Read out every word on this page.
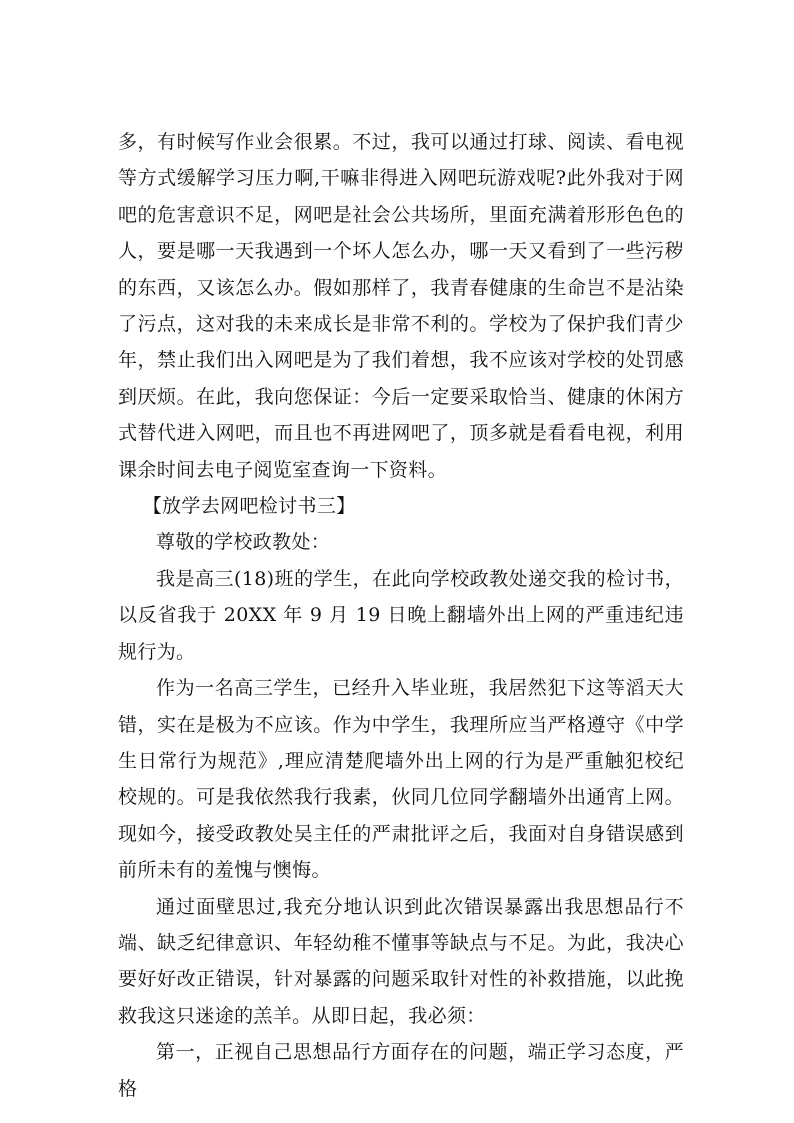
多，有时候写作业会很累。不过，我可以通过打球、阅读、看电视等方式缓解学习压力啊,干嘛非得进入网吧玩游戏呢?此外我对于网吧的危害意识不足，网吧是社会公共场所，里面充满着形形色色的人，要是哪一天我遇到一个坏人怎么办，哪一天又看到了一些污秽的东西，又该怎么办。假如那样了，我青春健康的生命岂不是沾染了污点，这对我的未来成长是非常不利的。学校为了保护我们青少年，禁止我们出入网吧是为了我们着想，我不应该对学校的处罚感到厌烦。在此，我向您保证：今后一定要采取恰当、健康的休闲方式替代进入网吧，而且也不再进网吧了，顶多就是看看电视，利用课余时间去电子阅览室查询一下资料。

【放学去网吧检讨书三】

尊敬的学校政教处：

我是高三(18)班的学生，在此向学校政教处递交我的检讨书，以反省我于 20XX 年 9 月 19 日晚上翻墙外出上网的严重违纪违规行为。

作为一名高三学生，已经升入毕业班，我居然犯下这等滔天大错，实在是极为不应该。作为中学生，我理所应当严格遵守《中学生日常行为规范》,理应清楚爬墙外出上网的行为是严重触犯校纪校规的。可是我依然我行我素，伙同几位同学翻墙外出通宵上网。现如今，接受政教处吴主任的严肃批评之后，我面对自身错误感到前所未有的羞愧与懊悔。

通过面壁思过,我充分地认识到此次错误暴露出我思想品行不端、缺乏纪律意识、年轻幼稚不懂事等缺点与不足。为此，我决心要好好改正错误，针对暴露的问题采取针对性的补救措施，以此挽救我这只迷途的羔羊。从即日起，我必须：

第一，正视自己思想品行方面存在的问题，端正学习态度，严格
